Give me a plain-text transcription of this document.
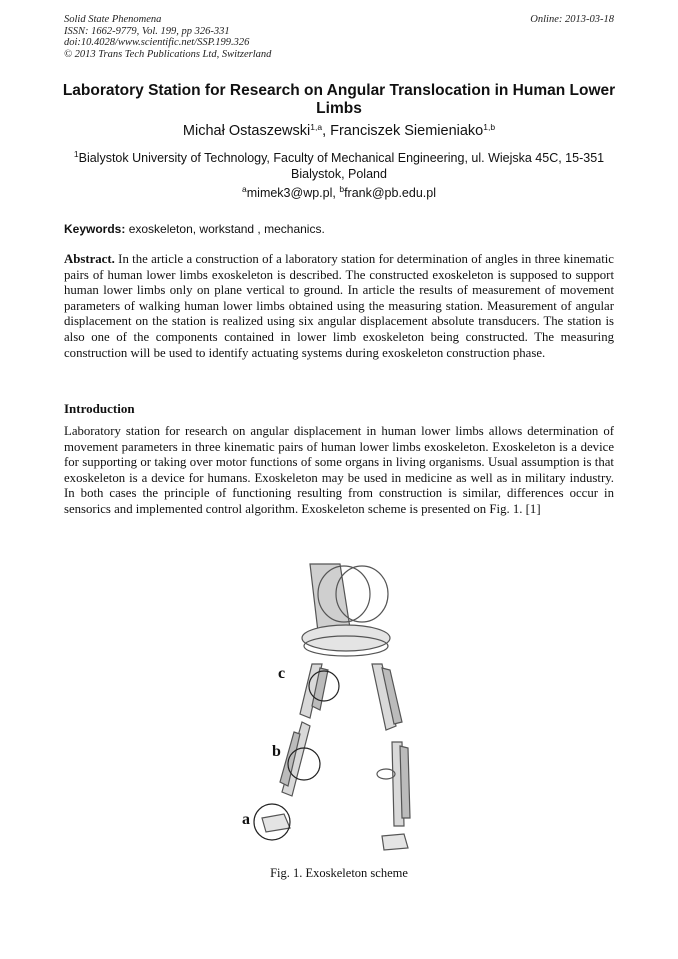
Solid State Phenomena
ISSN: 1662-9779, Vol. 199, pp 326-331
doi:10.4028/www.scientific.net/SSP.199.326
© 2013 Trans Tech Publications Ltd, Switzerland
Online: 2013-03-18
Laboratory Station for Research on Angular Translocation in Human Lower Limbs
Michał Ostaszewski$^{1,a}$, Franciszek Siemieniako$^{1,b}$
$^1$Bialystok University of Technology, Faculty of Mechanical Engineering, ul. Wiejska 45C, 15-351 Bialystok, Poland
$^a$mimek3@wp.pl, $^b$frank@pb.edu.pl
Keywords: exoskeleton, workstand , mechanics.
Abstract. In the article a construction of a laboratory station for determination of angles in three kinematic pairs of human lower limbs exoskeleton is described. The constructed exoskeleton is supposed to support human lower limbs only on plane vertical to ground. In article the results of measurement of movement parameters of walking human lower limbs obtained using the measuring station. Measurement of angular displacement on the station is realized using six angular displacement absolute transducers. The station is also one of the components contained in lower limb exoskeleton being constructed. The measuring construction will be used to identify actuating systems during exoskeleton construction phase.
Introduction
Laboratory station for research on angular displacement in human lower limbs allows determination of movement parameters in three kinematic pairs of human lower limbs exoskeleton. Exoskeleton is a device for supporting or taking over motor functions of some organs in living organisms. Usual assumption is that exoskeleton is a device for humans. Exoskeleton may be used in medicine as well as in military industry. In both cases the principle of functioning resulting from construction is similar, differences occur in sensorics and implemented control algorithm. Exoskeleton scheme is presented on Fig. 1. [1]
c
b
a
Fig. 1. Exoskeleton scheme
